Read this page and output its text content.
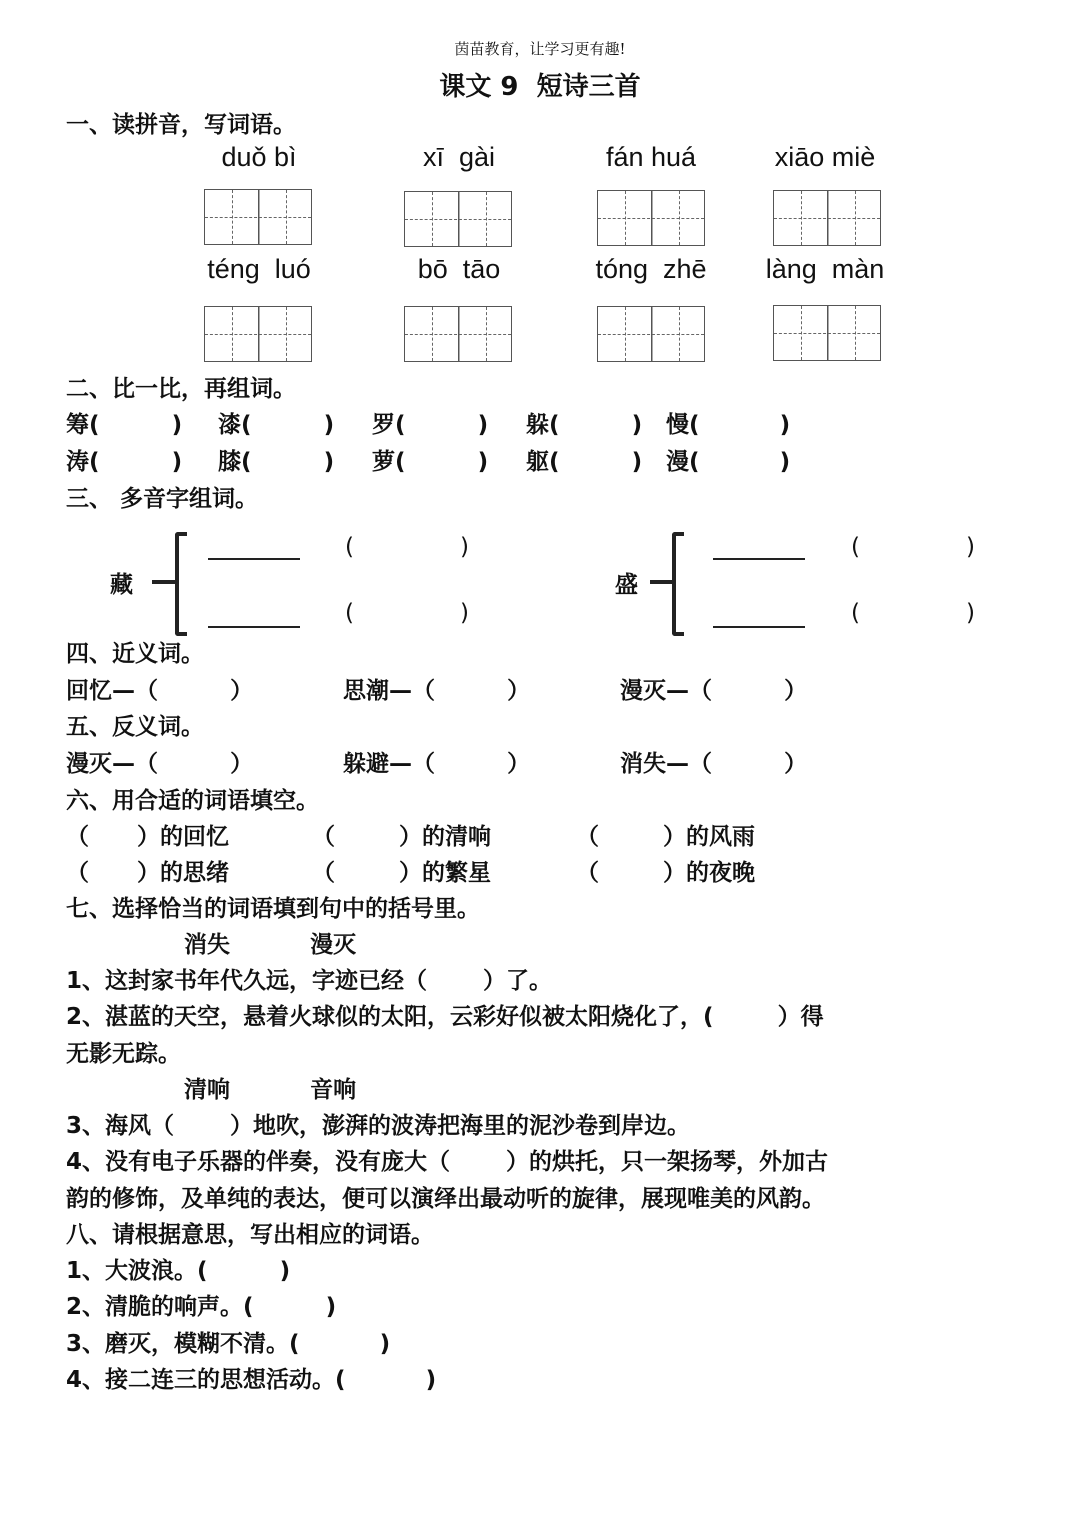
茵苗教育，让学习更有趣!
课文 9  短诗三首
一、读拼音，写词语。
duǒ bì	xī  gài	fán huá	xiāo miè
téng  luó	bō  tāo	tóng  zhē	làng  màn
二、比一比，再组词。
筹(         ) 漆(         ) 罗(         ) 躲(         ) 慢(          )
涛(         ) 膝(         ) 萝(         ) 躯(         ) 漫(          )
三、 多音字组词。
藏
(	)
(	)
盛
(	)
(	)
四、近义词。
回忆—（         ）	思潮—（         ）	漫灭—（         ）
五、反义词。
漫灭—（         ）	躲避—（         ）	消失—（         ）
六、用合适的词语填空。
（      ）的回忆	（        ）的清响	（        ）的风雨
（      ）的思绪	（        ）的繁星	（        ）的夜晚
七、选择恰当的词语填到句中的括号里。
消失          漫灭
1、这封家书年代久远，字迹已经（       ）了。
2、湛蓝的天空，悬着火球似的太阳，云彩好似被太阳烧化了，(        ）得
无影无踪。
清响          音响
3、海风（       ）地吹，澎湃的波涛把海里的泥沙卷到岸边。
4、没有电子乐器的伴奏，没有庞大（       ）的烘托，只一架扬琴，外加古
韵的修饰，及单纯的表达，便可以演绎出最动听的旋律，展现唯美的风韵。
八、请根据意思，写出相应的词语。
1、大波浪。(         )
2、清脆的响声。(         )
3、磨灭，模糊不清。(          )
4、接二连三的思想活动。(          )
